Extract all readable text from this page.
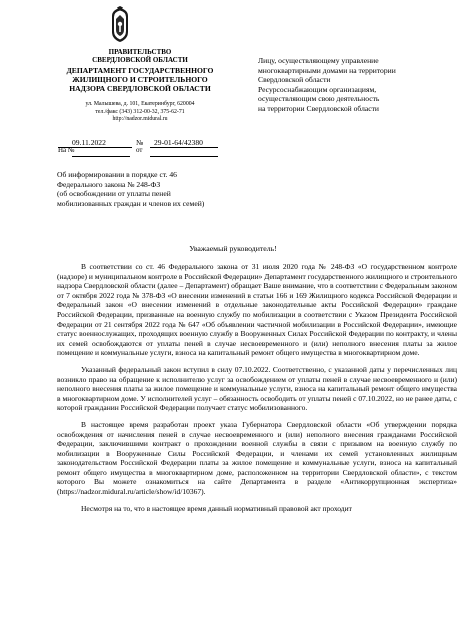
ПРАВИТЕЛЬСТВО
СВЕРДЛОВСКОЙ ОБЛАСТИ
ДЕПАРТАМЕНТ ГОСУДАРСТВЕННОГО
ЖИЛИЩНОГО И СТРОИТЕЛЬНОГО
НАДЗОРА СВЕРДЛОВСКОЙ ОБЛАСТИ
ул. Малышева, д. 101, Екатеринбург, 620004
тел./факс (343) 312-00-32, 375-62-71
http://nadzor.midural.ru
09.11.2022	№ 29-01-64/42380
На №	от
Лицу, осуществляющему управление
многоквартирными домами на территории
Свердловской области
Ресурсоснабжающим организациям,
осуществляющим свою деятельность
на территории Свердловской области
Об информировании в порядке ст. 46
Федерального закона № 248-ФЗ
(об освобождении от уплаты пеней
мобилизованных граждан и членов их семей)
Уважаемый руководитель!

В соответствии со ст. 46 Федерального закона от 31 июля 2020 года № 248-ФЗ «О государственном контроле (надзоре) и муниципальном контроле в Российской Федерации» Департамент государственного жилищного и строительного надзора Свердловской области (далее – Департамент) обращает Ваше внимание, что в соответствии с Федеральным законом от 7 октября 2022 года № 378-ФЗ «О внесении изменений в статьи 166 и 169 Жилищного кодекса Российской Федерации и Федеральный закон «О внесении изменений в отдельные законодательные акты Российской Федерации» граждане Российской Федерации, призванные на военную службу по мобилизации в соответствии с Указом Президента Российской Федерации от 21 сентября 2022 года № 647 «Об объявлении частичной мобилизации в Российской Федерации», имеющие статус военнослужащих, проходящих военную службу в Вооруженных Силах Российской Федерации по контракту, и члены их семей освобождаются от уплаты пеней в случае несвоевременного и (или) неполного внесения платы за жилое помещение и коммунальные услуги, взноса на капитальный ремонт общего имущества в многоквартирном доме.

Указанный федеральный закон вступил в силу 07.10.2022. Соответственно, с указанной даты у перечисленных лиц возникло право на обращение к исполнителю услуг за освобождением от уплаты пеней в случае несвоевременного и (или) неполного внесения платы за жилое помещение и коммунальные услуги, взноса на капитальный ремонт общего имущества в многоквартирном доме. У исполнителей услуг – обязанность освободить от уплаты пеней с 07.10.2022, но не ранее даты, с которой гражданин Российской Федерации получает статус мобилизованного.

В настоящее время разработан проект указа Губернатора Свердловской области «Об утверждении порядка освобождения от начисления пеней в случае несвоевременного и (или) неполного внесения гражданами Российской Федерации, заключившими контракт о прохождении военной службы в связи с призывом на военную службу по мобилизации в Вооруженные Силы Российской Федерации, и членами их семей установленных жилищным законодательством Российской Федерации платы за жилое помещение и коммунальные услуги, взноса на капитальный ремонт общего имущества в многоквартирном доме, расположенном на территории Свердловской области», с текстом которого Вы можете ознакомиться на сайте Департамента в разделе «Антикоррупционная экспертиза» (https://nadzor.midural.ru/article/show/id/10367).

Несмотря на то, что в настоящее время данный нормативный правовой акт проходит
